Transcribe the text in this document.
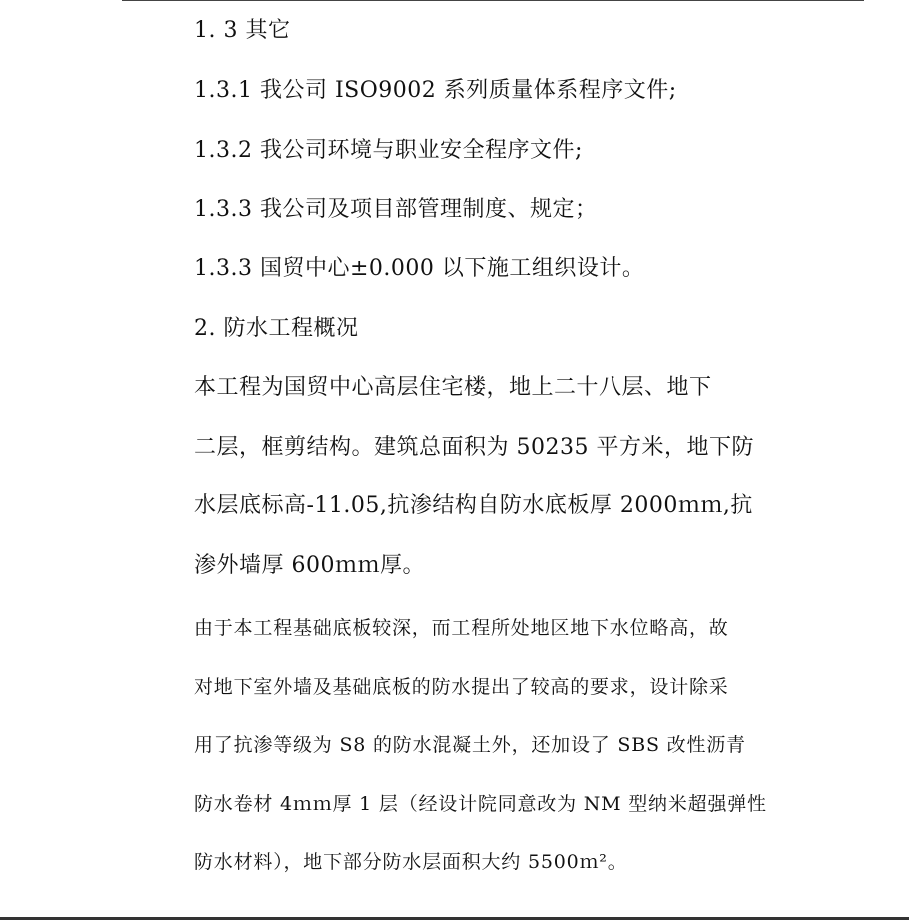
1. 3 其它
1.3.1 我公司 ISO9002 系列质量体系程序文件;
1.3.2 我公司环境与职业安全程序文件;
1.3.3 我公司及项目部管理制度、规定；
1.3.3 国贸中心±0.000 以下施工组织设计。
2. 防水工程概况
本工程为国贸中心高层住宅楼，地上二十八层、地下
二层，框剪结构。建筑总面积为 50235 平方米，地下防
水层底标高-11.05,抗渗结构自防水底板厚 2000ｍｍ,抗
渗外墙厚 600ｍｍ厚。
由于本工程基础底板较深，而工程所处地区地下水位略高，故
对地下室外墙及基础底板的防水提出了较高的要求，设计除采
用了抗渗等级为 S8 的防水混凝土外，还加设了 SBS 改性沥青
防水卷材 4ｍｍ厚 1 层（经设计院同意改为 NM 型纳米超强弹性
防水材料），地下部分防水层面积大约 5500ｍ²。
